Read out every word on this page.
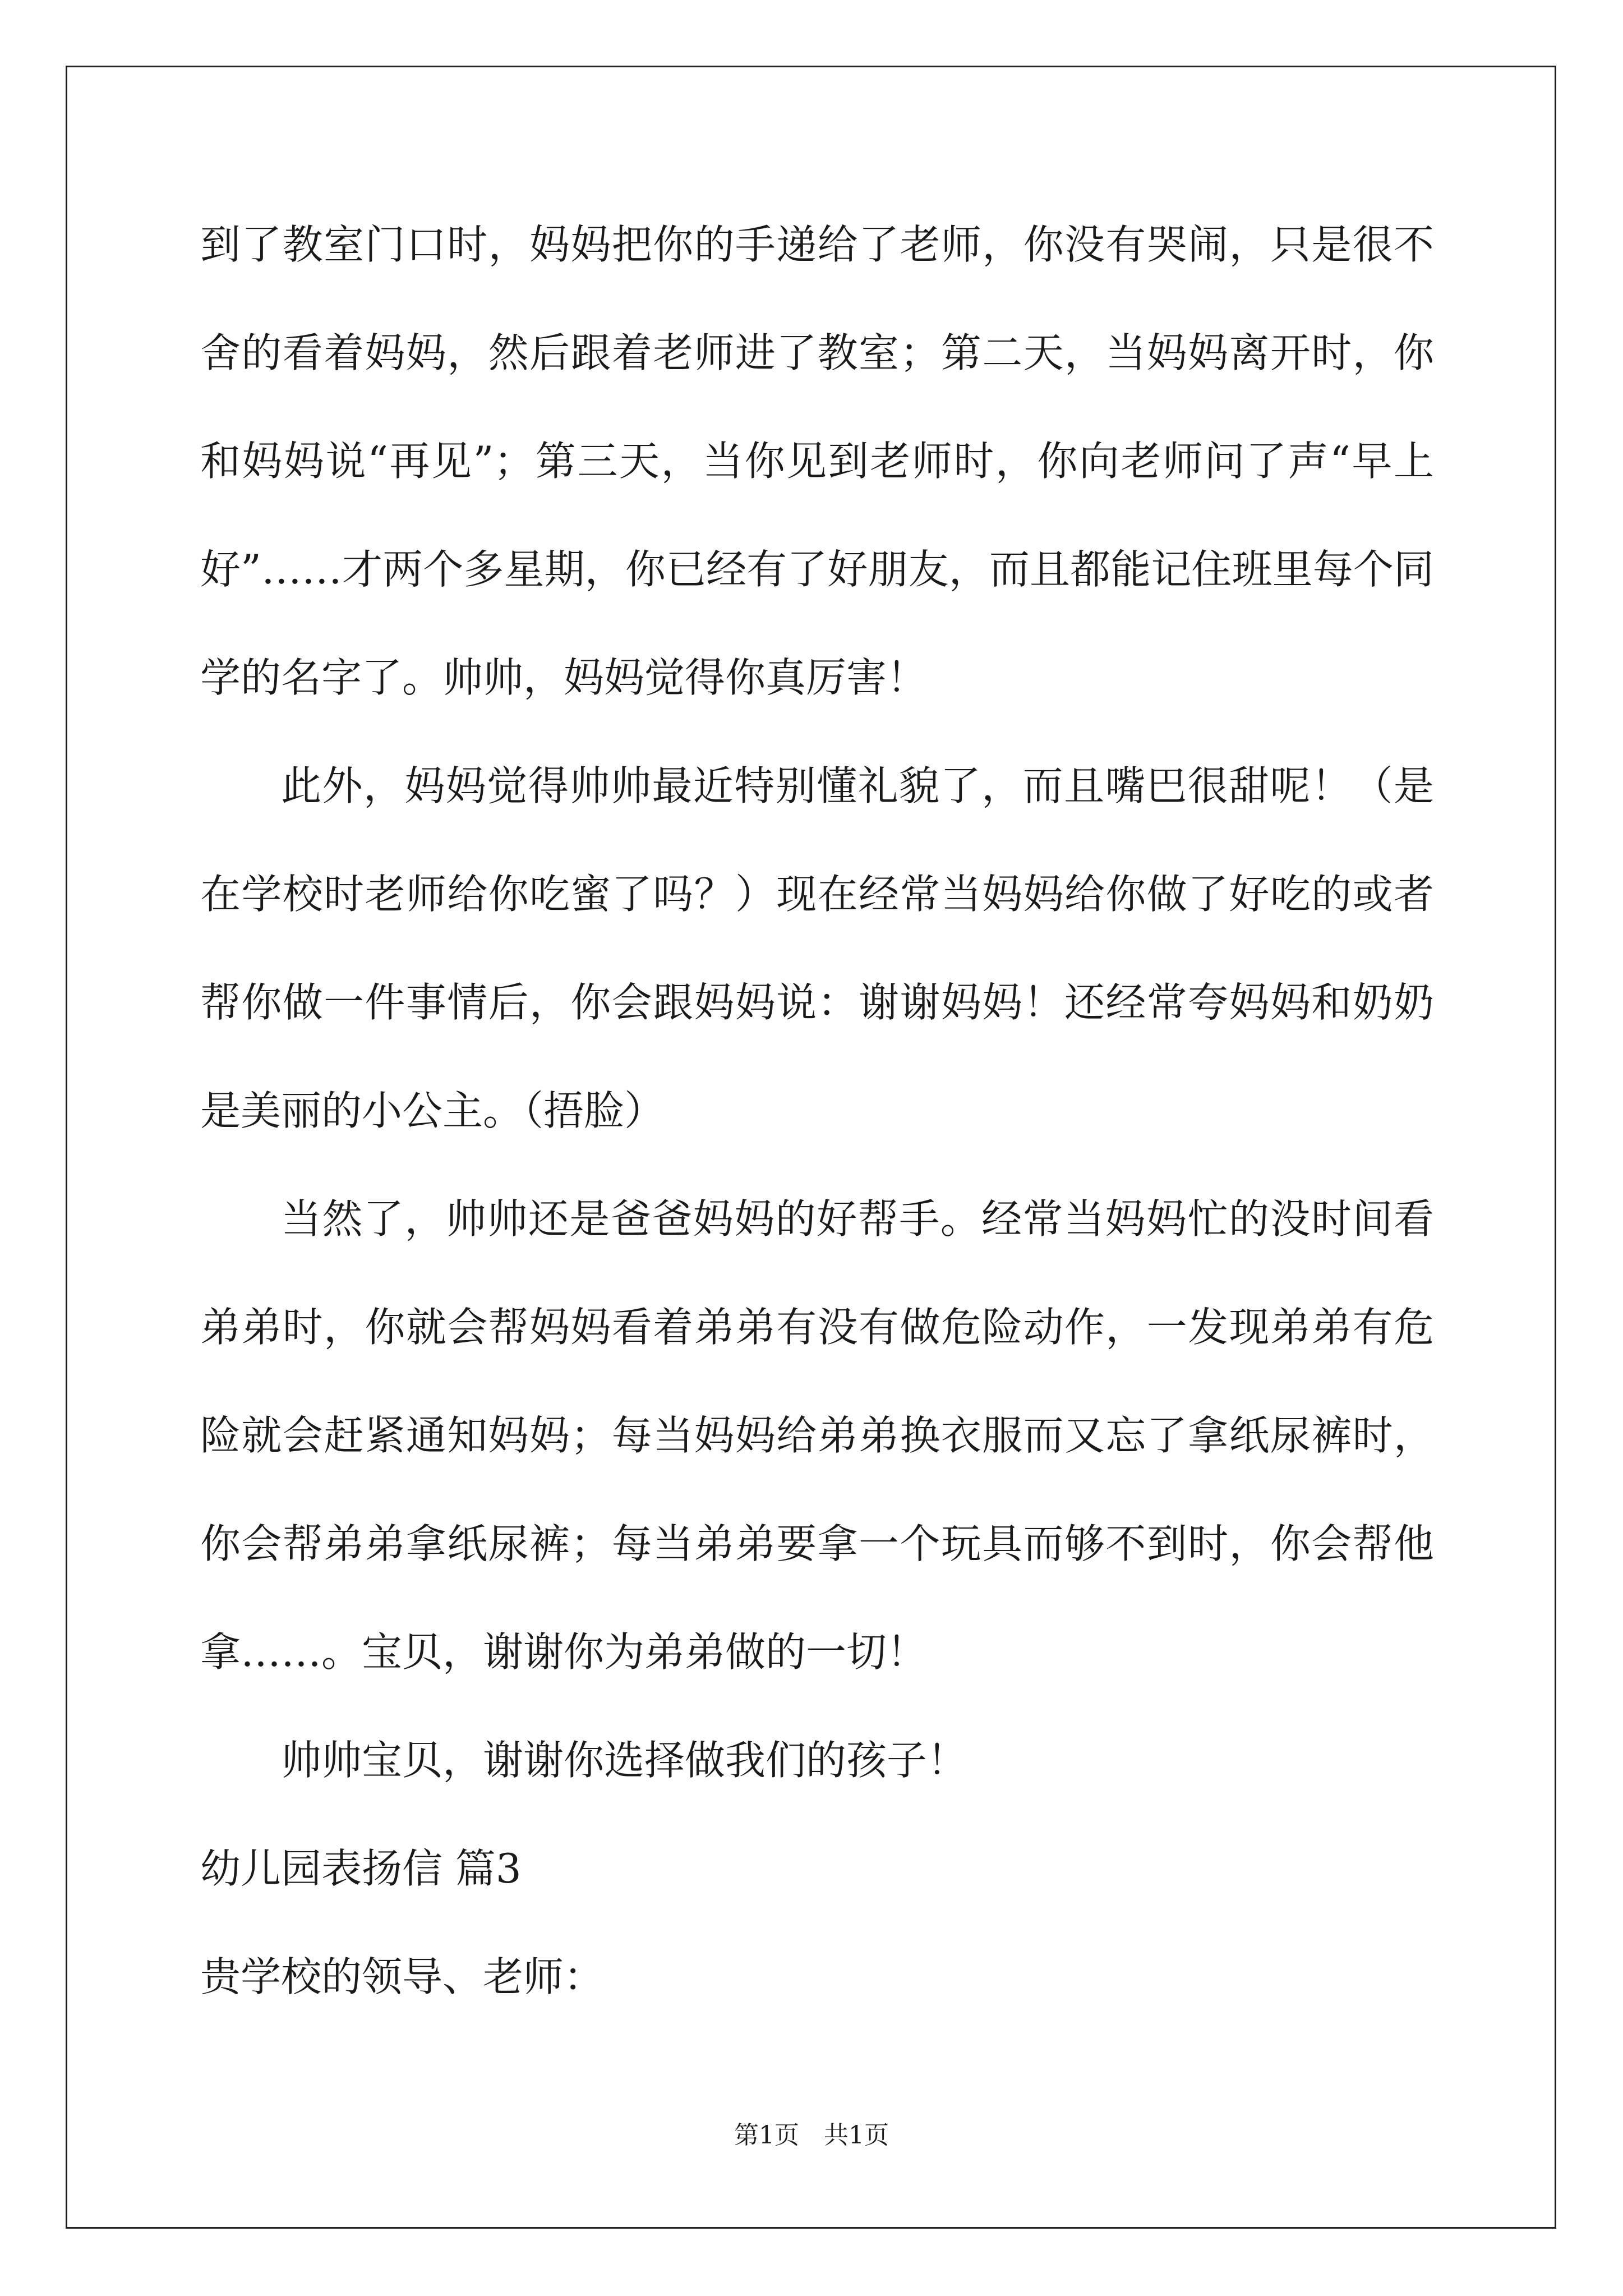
到了教室门口时，妈妈把你的手递给了老师，你没有哭闹，只是很不舍的看着妈妈，然后跟着老师进了教室；第二天，当妈妈离开时，你和妈妈说“再见”；第三天，当你见到老师时，你向老师问了声“早上好”……才两个多星期，你已经有了好朋友，而且都能记住班里每个同学的名字了。帅帅，妈妈觉得你真厉害！

此外，妈妈觉得帅帅最近特别懂礼貌了，而且嘴巴很甜呢！（是在学校时老师给你吃蜜了吗？）现在经常当妈妈给你做了好吃的或者帮你做一件事情后，你会跟妈妈说：谢谢妈妈！还经常夸妈妈和奶奶是美丽的小公主。（捂脸）

当然了，帅帅还是爸爸妈妈的好帮手。经常当妈妈忙的没时间看弟弟时，你就会帮妈妈看着弟弟有没有做危险动作，一发现弟弟有危险就会赶紧通知妈妈；每当妈妈给弟弟换衣服而又忘了拿纸尿裤时，你会帮弟弟拿纸尿裤；每当弟弟要拿一个玩具而够不到时，你会帮他拿……。宝贝，谢谢你为弟弟做的一切！

帅帅宝贝，谢谢你选择做我们的孩子！

幼儿园表扬信 篇3

贵学校的领导、老师：

第1页　共1页
